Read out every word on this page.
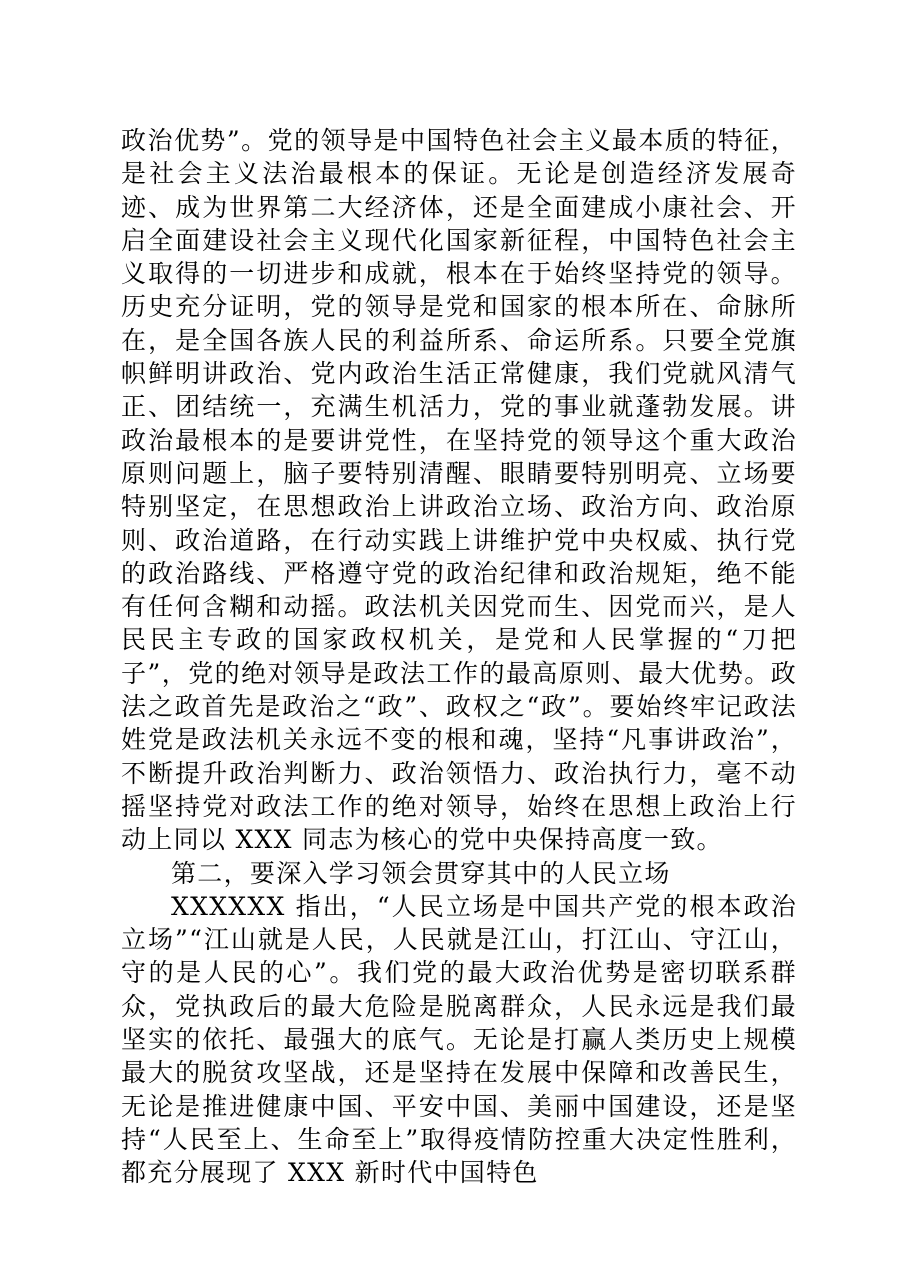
政治优势”。党的领导是中国特色社会主义最本质的特征，是社会主义法治最根本的保证。无论是创造经济发展奇迹、成为世界第二大经济体，还是全面建成小康社会、开启全面建设社会主义现代化国家新征程，中国特色社会主义取得的一切进步和成就，根本在于始终坚持党的领导。历史充分证明，党的领导是党和国家的根本所在、命脉所在，是全国各族人民的利益所系、命运所系。只要全党旗帜鲜明讲政治、党内政治生活正常健康，我们党就风清气正、团结统一，充满生机活力，党的事业就蓬勃发展。讲政治最根本的是要讲党性，在坚持党的领导这个重大政治原则问题上，脑子要特别清醒、眼睛要特别明亮、立场要特别坚定，在思想政治上讲政治立场、政治方向、政治原则、政治道路，在行动实践上讲维护党中央权威、执行党的政治路线、严格遵守党的政治纪律和政治规矩，绝不能有任何含糊和动摇。政法机关因党而生、因党而兴，是人民民主专政的国家政权机关，是党和人民掌握的“刀把子”，党的绝对领导是政法工作的最高原则、最大优势。政法之政首先是政治之“政”、政权之“政”。要始终牢记政法姓党是政法机关永远不变的根和魂，坚持“凡事讲政治”，不断提升政治判断力、政治领悟力、政治执行力，毫不动摇坚持党对政法工作的绝对领导，始终在思想上政治上行动上同以 XXX 同志为核心的党中央保持高度一致。

第二，要深入学习领会贯穿其中的人民立场

XXXXXX 指出，“人民立场是中国共产党的根本政治立场”“江山就是人民，人民就是江山，打江山、守江山，守的是人民的心”。我们党的最大政治优势是密切联系群众，党执政后的最大危险是脱离群众，人民永远是我们最坚实的依托、最强大的底气。无论是打赢人类历史上规模最大的脱贫攻坚战，还是坚持在发展中保障和改善民生，无论是推进健康中国、平安中国、美丽中国建设，还是坚持“人民至上、生命至上”取得疫情防控重大决定性胜利，都充分展现了 XXX 新时代中国特色
